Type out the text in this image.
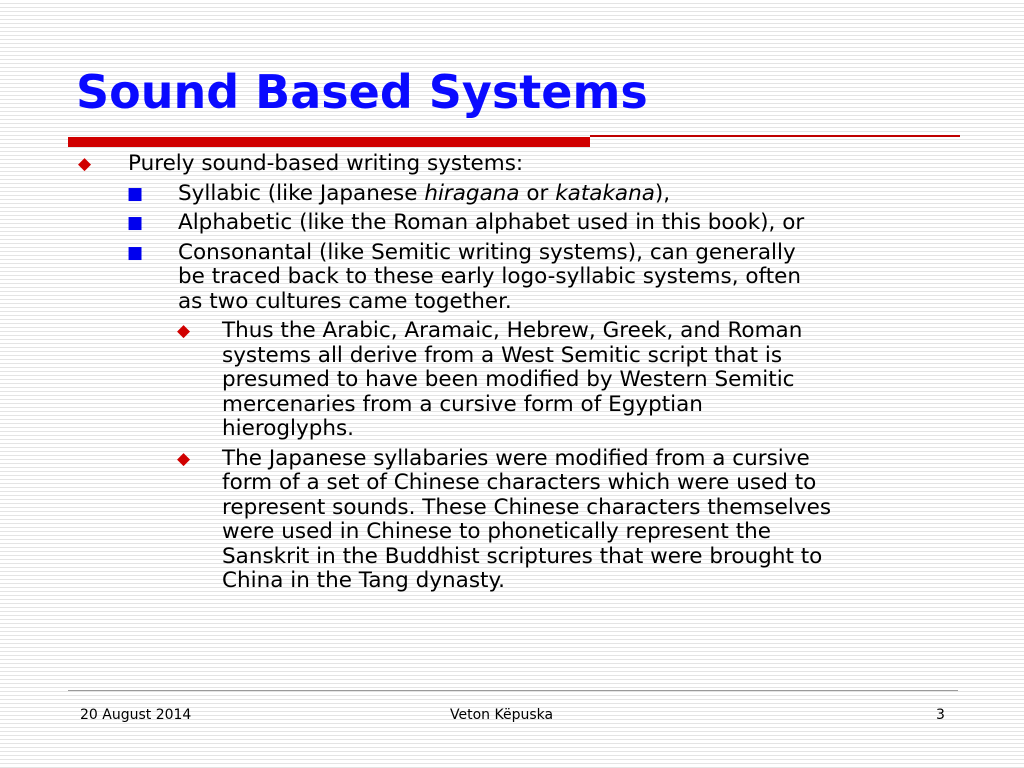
Sound Based Systems
◆ Purely sound-based writing systems:
■ Syllabic (like Japanese hiragana or katakana),
■ Alphabetic (like the Roman alphabet used in this book), or
■ Consonantal (like Semitic writing systems), can generally
be traced back to these early logo-syllabic systems, often
as two cultures came together.
◆ Thus the Arabic, Aramaic, Hebrew, Greek, and Roman
systems all derive from a West Semitic script that is
presumed to have been modified by Western Semitic
mercenaries from a cursive form of Egyptian
hieroglyphs.
◆ The Japanese syllabaries were modified from a cursive
form of a set of Chinese characters which were used to
represent sounds. These Chinese characters themselves
were used in Chinese to phonetically represent the
Sanskrit in the Buddhist scriptures that were brought to
China in the Tang dynasty.
20 August 2014	Veton Këpuska	3
